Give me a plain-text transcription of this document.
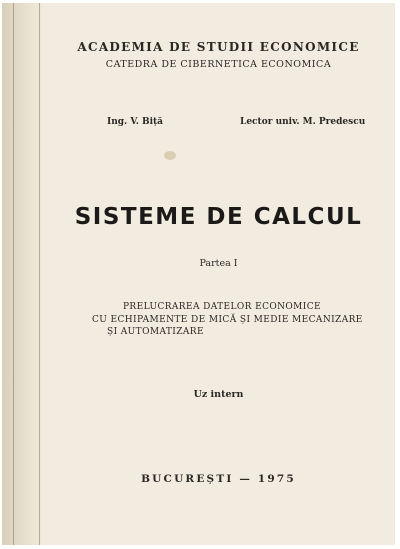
ACADEMIA DE STUDII ECONOMICE
CATEDRA DE CIBERNETICA ECONOMICA
Ing. V. Biță	Lector univ. M. Predescu
SISTEME DE CALCUL
Partea I
PRELUCRAREA DATELOR ECONOMICE
CU ECHIPAMENTE DE MICĂ ȘI MEDIE MECANIZARE
ȘI AUTOMATIZARE
Uz intern
BUCUREȘTI — 1975
